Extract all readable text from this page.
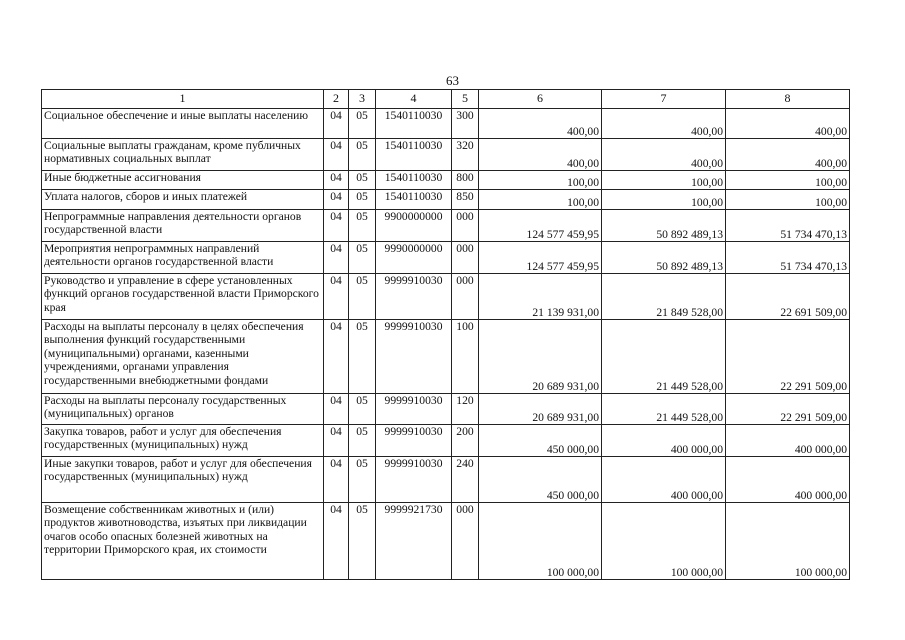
63
1	2	3	4	5	6	7	8
Социальное обеспечение и иные выплаты населению	04	05	1540110030	300	400,00	400,00	400,00
Социальные выплаты гражданам, кроме публичных нормативных социальных выплат	04	05	1540110030	320	400,00	400,00	400,00
Иные бюджетные ассигнования	04	05	1540110030	800	100,00	100,00	100,00
Уплата налогов, сборов и иных платежей	04	05	1540110030	850	100,00	100,00	100,00
Непрограммные направления деятельности органов государственной власти	04	05	9900000000	000	124 577 459,95	50 892 489,13	51 734 470,13
Мероприятия непрограммных направлений деятельности органов государственной власти	04	05	9990000000	000	124 577 459,95	50 892 489,13	51 734 470,13
Руководство и управление в сфере установленных функций органов государственной власти Приморского края	04	05	9999910030	000	21 139 931,00	21 849 528,00	22 691 509,00
Расходы на выплаты персоналу в целях обеспечения выполнения функций государственными (муниципальными) органами, казенными учреждениями, органами управления государственными внебюджетными фондами	04	05	9999910030	100	20 689 931,00	21 449 528,00	22 291 509,00
Расходы на выплаты персоналу государственных (муниципальных) органов	04	05	9999910030	120	20 689 931,00	21 449 528,00	22 291 509,00
Закупка товаров, работ и услуг для обеспечения государственных (муниципальных) нужд	04	05	9999910030	200	450 000,00	400 000,00	400 000,00
Иные закупки товаров, работ и услуг для обеспечения государственных (муниципальных) нужд	04	05	9999910030	240	450 000,00	400 000,00	400 000,00
Возмещение собственникам животных и (или) продуктов животноводства, изъятых при ликвидации очагов особо опасных болезней животных на территории Приморского края, их стоимости	04	05	9999921730	000	100 000,00	100 000,00	100 000,00
